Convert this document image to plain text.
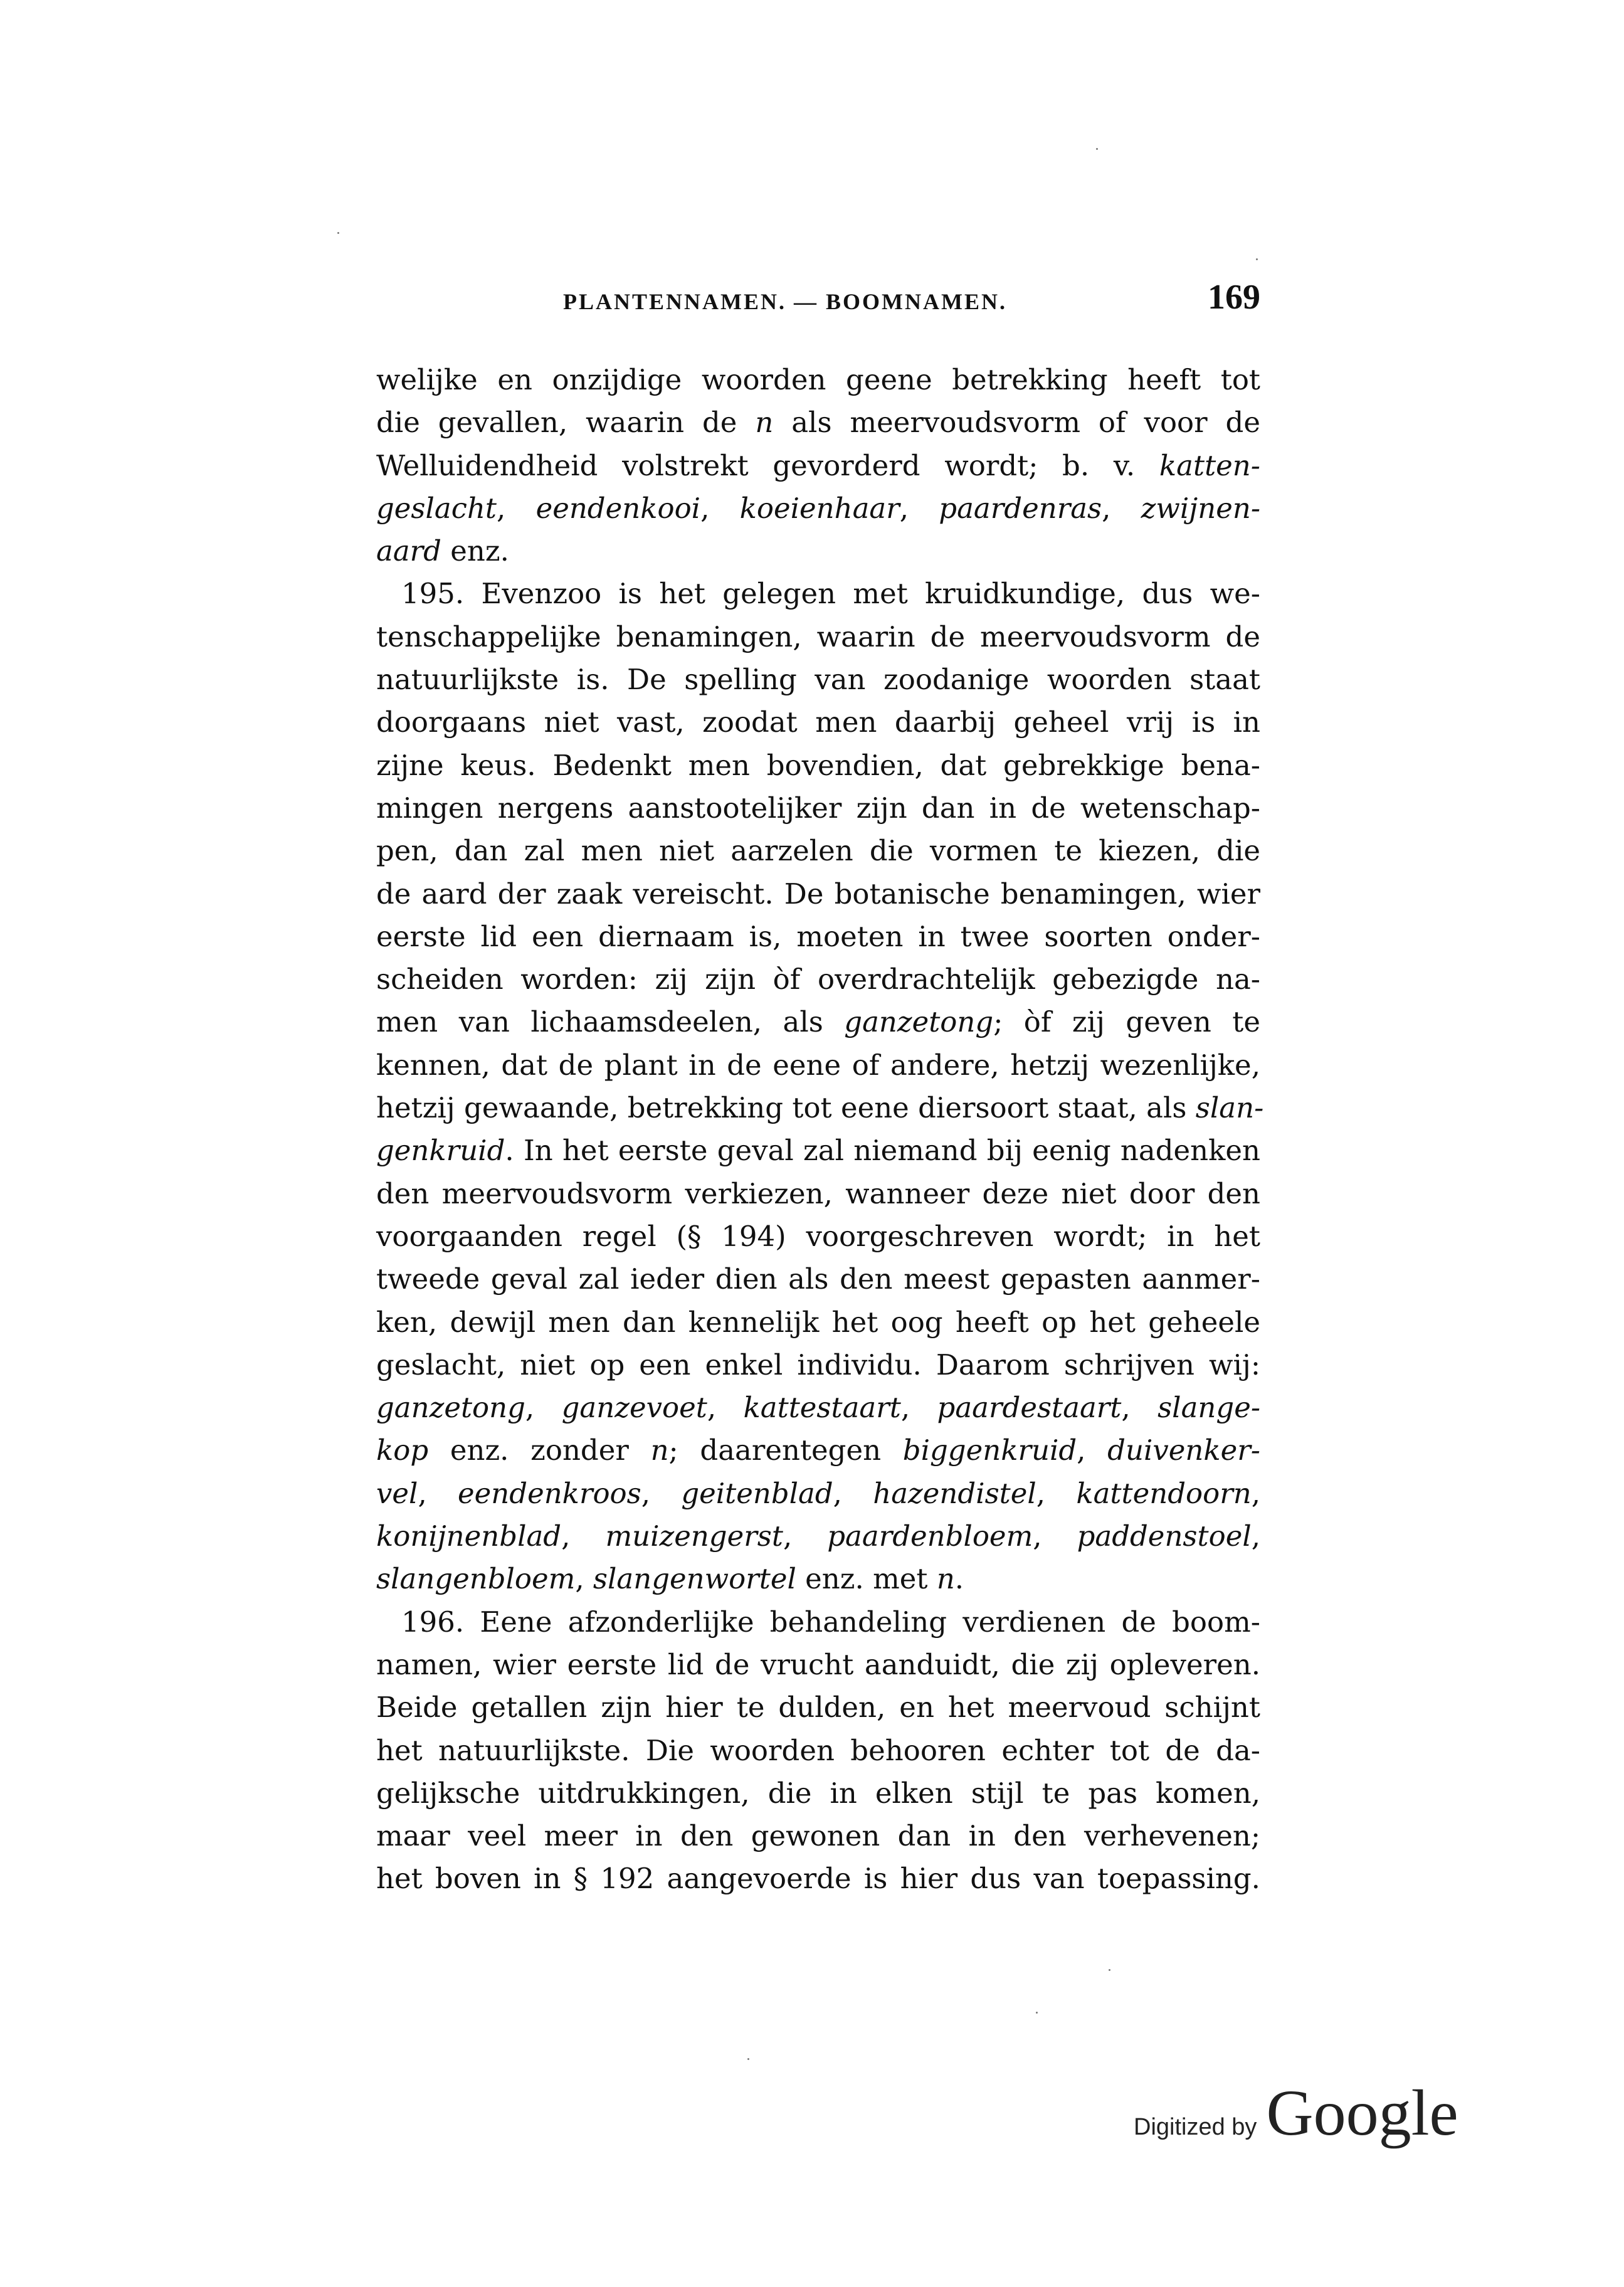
PLANTENNAMEN. — BOOMNAMEN.	169
welijke en onzijdige woorden geene betrekking heeft tot
die gevallen, waarin de n als meervoudsvorm of voor de
Welluidendheid volstrekt gevorderd wordt; b. v. katten-
geslacht, eendenkooi, koeienhaar, paardenras, zwijnen-
aard enz.
195. Evenzoo is het gelegen met kruidkundige, dus we-
tenschappelijke benamingen, waarin de meervoudsvorm de
natuurlijkste is. De spelling van zoodanige woorden staat
doorgaans niet vast, zoodat men daarbij geheel vrij is in
zijne keus. Bedenkt men bovendien, dat gebrekkige bena-
mingen nergens aanstootelijker zijn dan in de wetenschap-
pen, dan zal men niet aarzelen die vormen te kiezen, die
de aard der zaak vereischt. De botanische benamingen, wier
eerste lid een diernaam is, moeten in twee soorten onder-
scheiden worden: zij zijn òf overdrachtelijk gebezigde na-
men van lichaamsdeelen, als ganzetong; òf zij geven te
kennen, dat de plant in de eene of andere, hetzij wezenlijke,
hetzij gewaande, betrekking tot eene diersoort staat, als slan-
genkruid. In het eerste geval zal niemand bij eenig nadenken
den meervoudsvorm verkiezen, wanneer deze niet door den
voorgaanden regel (§ 194) voorgeschreven wordt; in het
tweede geval zal ieder dien als den meest gepasten aanmer-
ken, dewijl men dan kennelijk het oog heeft op het geheele
geslacht, niet op een enkel individu. Daarom schrijven wij:
ganzetong, ganzevoet, kattestaart, paardestaart, slange-
kop enz. zonder n; daarentegen biggenkruid, duivenker-
vel, eendenkroos, geitenblad, hazendistel, kattendoorn,
konijnenblad, muizengerst, paardenbloem, paddenstoel,
slangenbloem, slangenwortel enz. met n.
196. Eene afzonderlijke behandeling verdienen de boom-
namen, wier eerste lid de vrucht aanduidt, die zij opleveren.
Beide getallen zijn hier te dulden, en het meervoud schijnt
het natuurlijkste. Die woorden behooren echter tot de da-
gelijksche uitdrukkingen, die in elken stijl te pas komen,
maar veel meer in den gewonen dan in den verhevenen;
het boven in § 192 aangevoerde is hier dus van toepassing.
Digitized by Google
